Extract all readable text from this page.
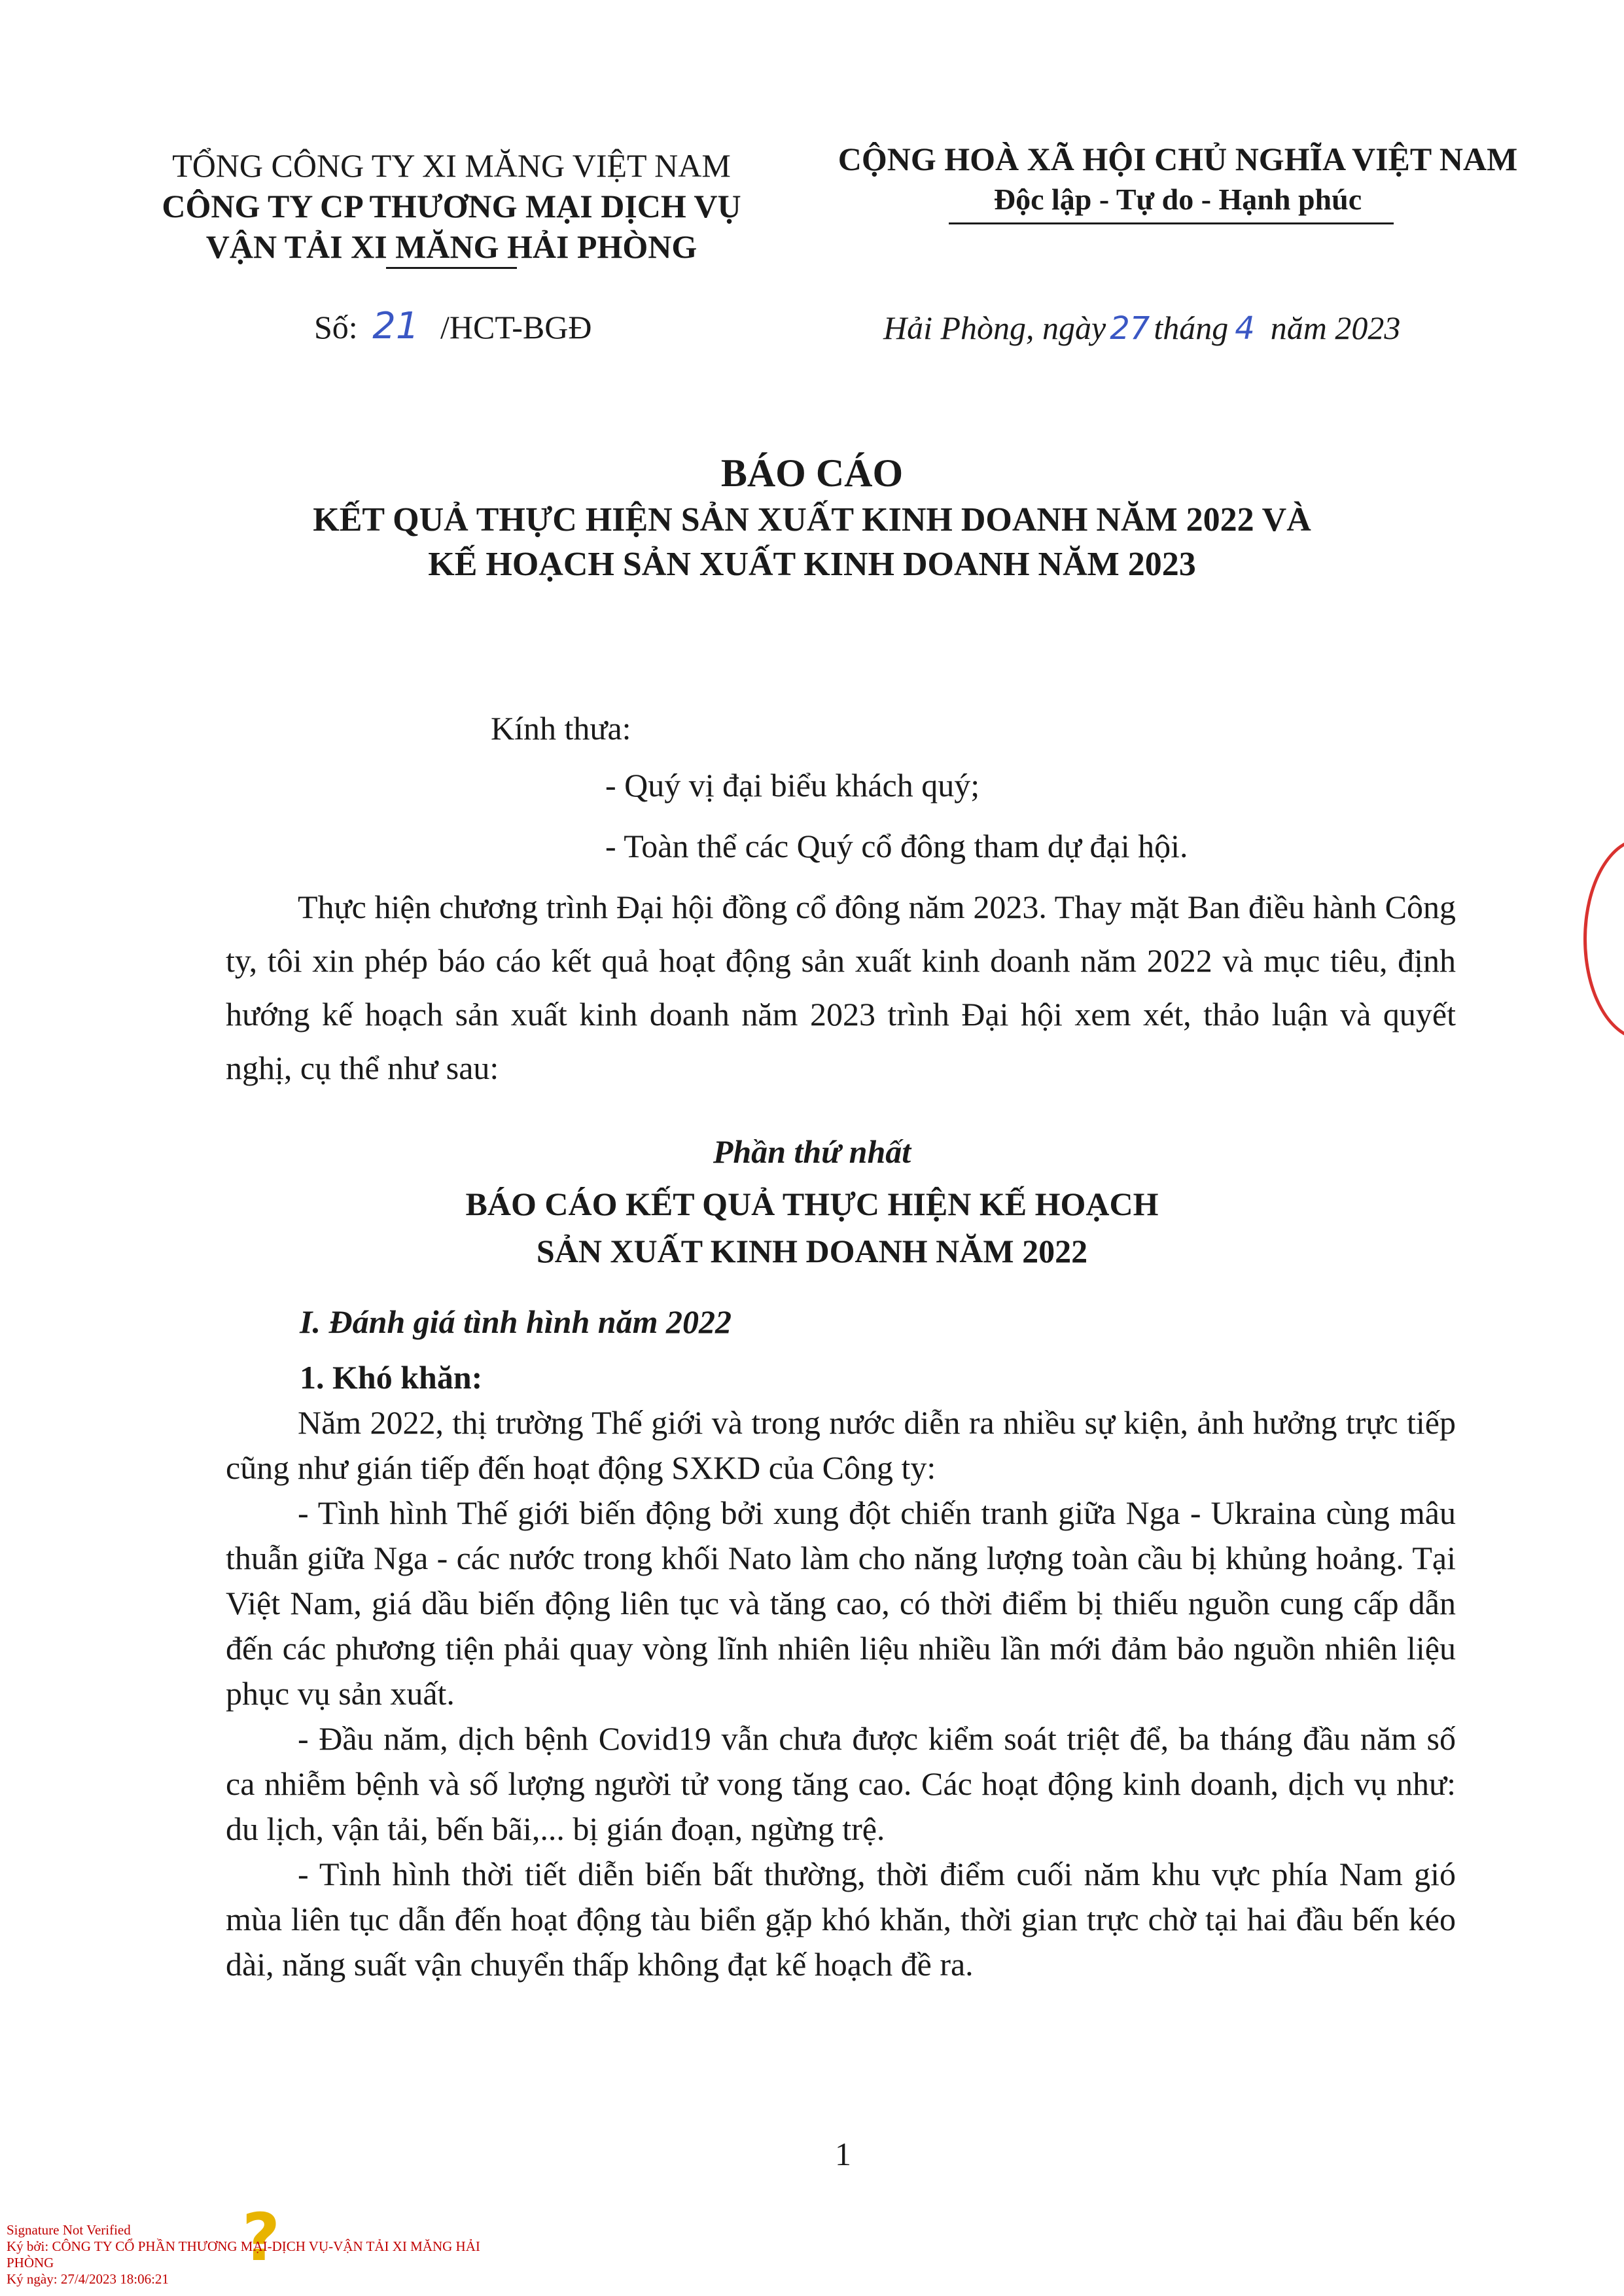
TỔNG CÔNG TY XI MĂNG VIỆT NAM
CÔNG TY CP THƯƠNG MẠI DỊCH VỤ
VẬN TẢI XI MĂNG HẢI PHÒNG
CỘNG HOÀ XÃ HỘI CHỦ NGHĨA VIỆT NAM
Độc lập - Tự do - Hạnh phúc
Số: 21 /HCT-BGĐ	Hải Phòng, ngày 27 tháng 4 năm 2023
BÁO CÁO
KẾT QUẢ THỰC HIỆN SẢN XUẤT KINH DOANH NĂM 2022 VÀ
KẾ HOẠCH SẢN XUẤT KINH DOANH NĂM 2023
Kính thưa:
- Quý vị đại biểu khách quý;
- Toàn thể các Quý cổ đông tham dự đại hội.

Thực hiện chương trình Đại hội đồng cổ đông năm 2023. Thay mặt Ban điều hành Công ty, tôi xin phép báo cáo kết quả hoạt động sản xuất kinh doanh năm 2022 và mục tiêu, định hướng kế hoạch sản xuất kinh doanh năm 2023 trình Đại hội xem xét, thảo luận và quyết nghị, cụ thể như sau:

Phần thứ nhất
BÁO CÁO KẾT QUẢ THỰC HIỆN KẾ HOẠCH
SẢN XUẤT KINH DOANH NĂM 2022
I. Đánh giá tình hình năm 2022
1. Khó khăn:

Năm 2022, thị trường Thế giới và trong nước diễn ra nhiều sự kiện, ảnh hưởng trực tiếp cũng như gián tiếp đến hoạt động SXKD của Công ty:

- Tình hình Thế giới biến động bởi xung đột chiến tranh giữa Nga - Ukraina cùng mâu thuẫn giữa Nga - các nước trong khối Nato làm cho năng lượng toàn cầu bị khủng hoảng. Tại Việt Nam, giá dầu biến động liên tục và tăng cao, có thời điểm bị thiếu nguồn cung cấp dẫn đến các phương tiện phải quay vòng lĩnh nhiên liệu nhiều lần mới đảm bảo nguồn nhiên liệu phục vụ sản xuất.

- Đầu năm, dịch bệnh Covid19 vẫn chưa được kiểm soát triệt để, ba tháng đầu năm số ca nhiễm bệnh và số lượng người tử vong tăng cao. Các hoạt động kinh doanh, dịch vụ như: du lịch, vận tải, bến bãi,... bị gián đoạn, ngừng trệ.

- Tình hình thời tiết diễn biến bất thường, thời điểm cuối năm khu vực phía Nam gió mùa liên tục dẫn đến hoạt động tàu biển gặp khó khăn, thời gian trực chờ tại hai đầu bến kéo dài, năng suất vận chuyển thấp không đạt kế hoạch đề ra.

1
?
Signature Not Verified
Ký bởi: CÔNG TY CỔ PHẦN THƯƠNG MẠI-DỊCH VỤ-VẬN TẢI XI MĂNG HẢI
PHÒNG
Ký ngày: 27/4/2023 18:06:21
